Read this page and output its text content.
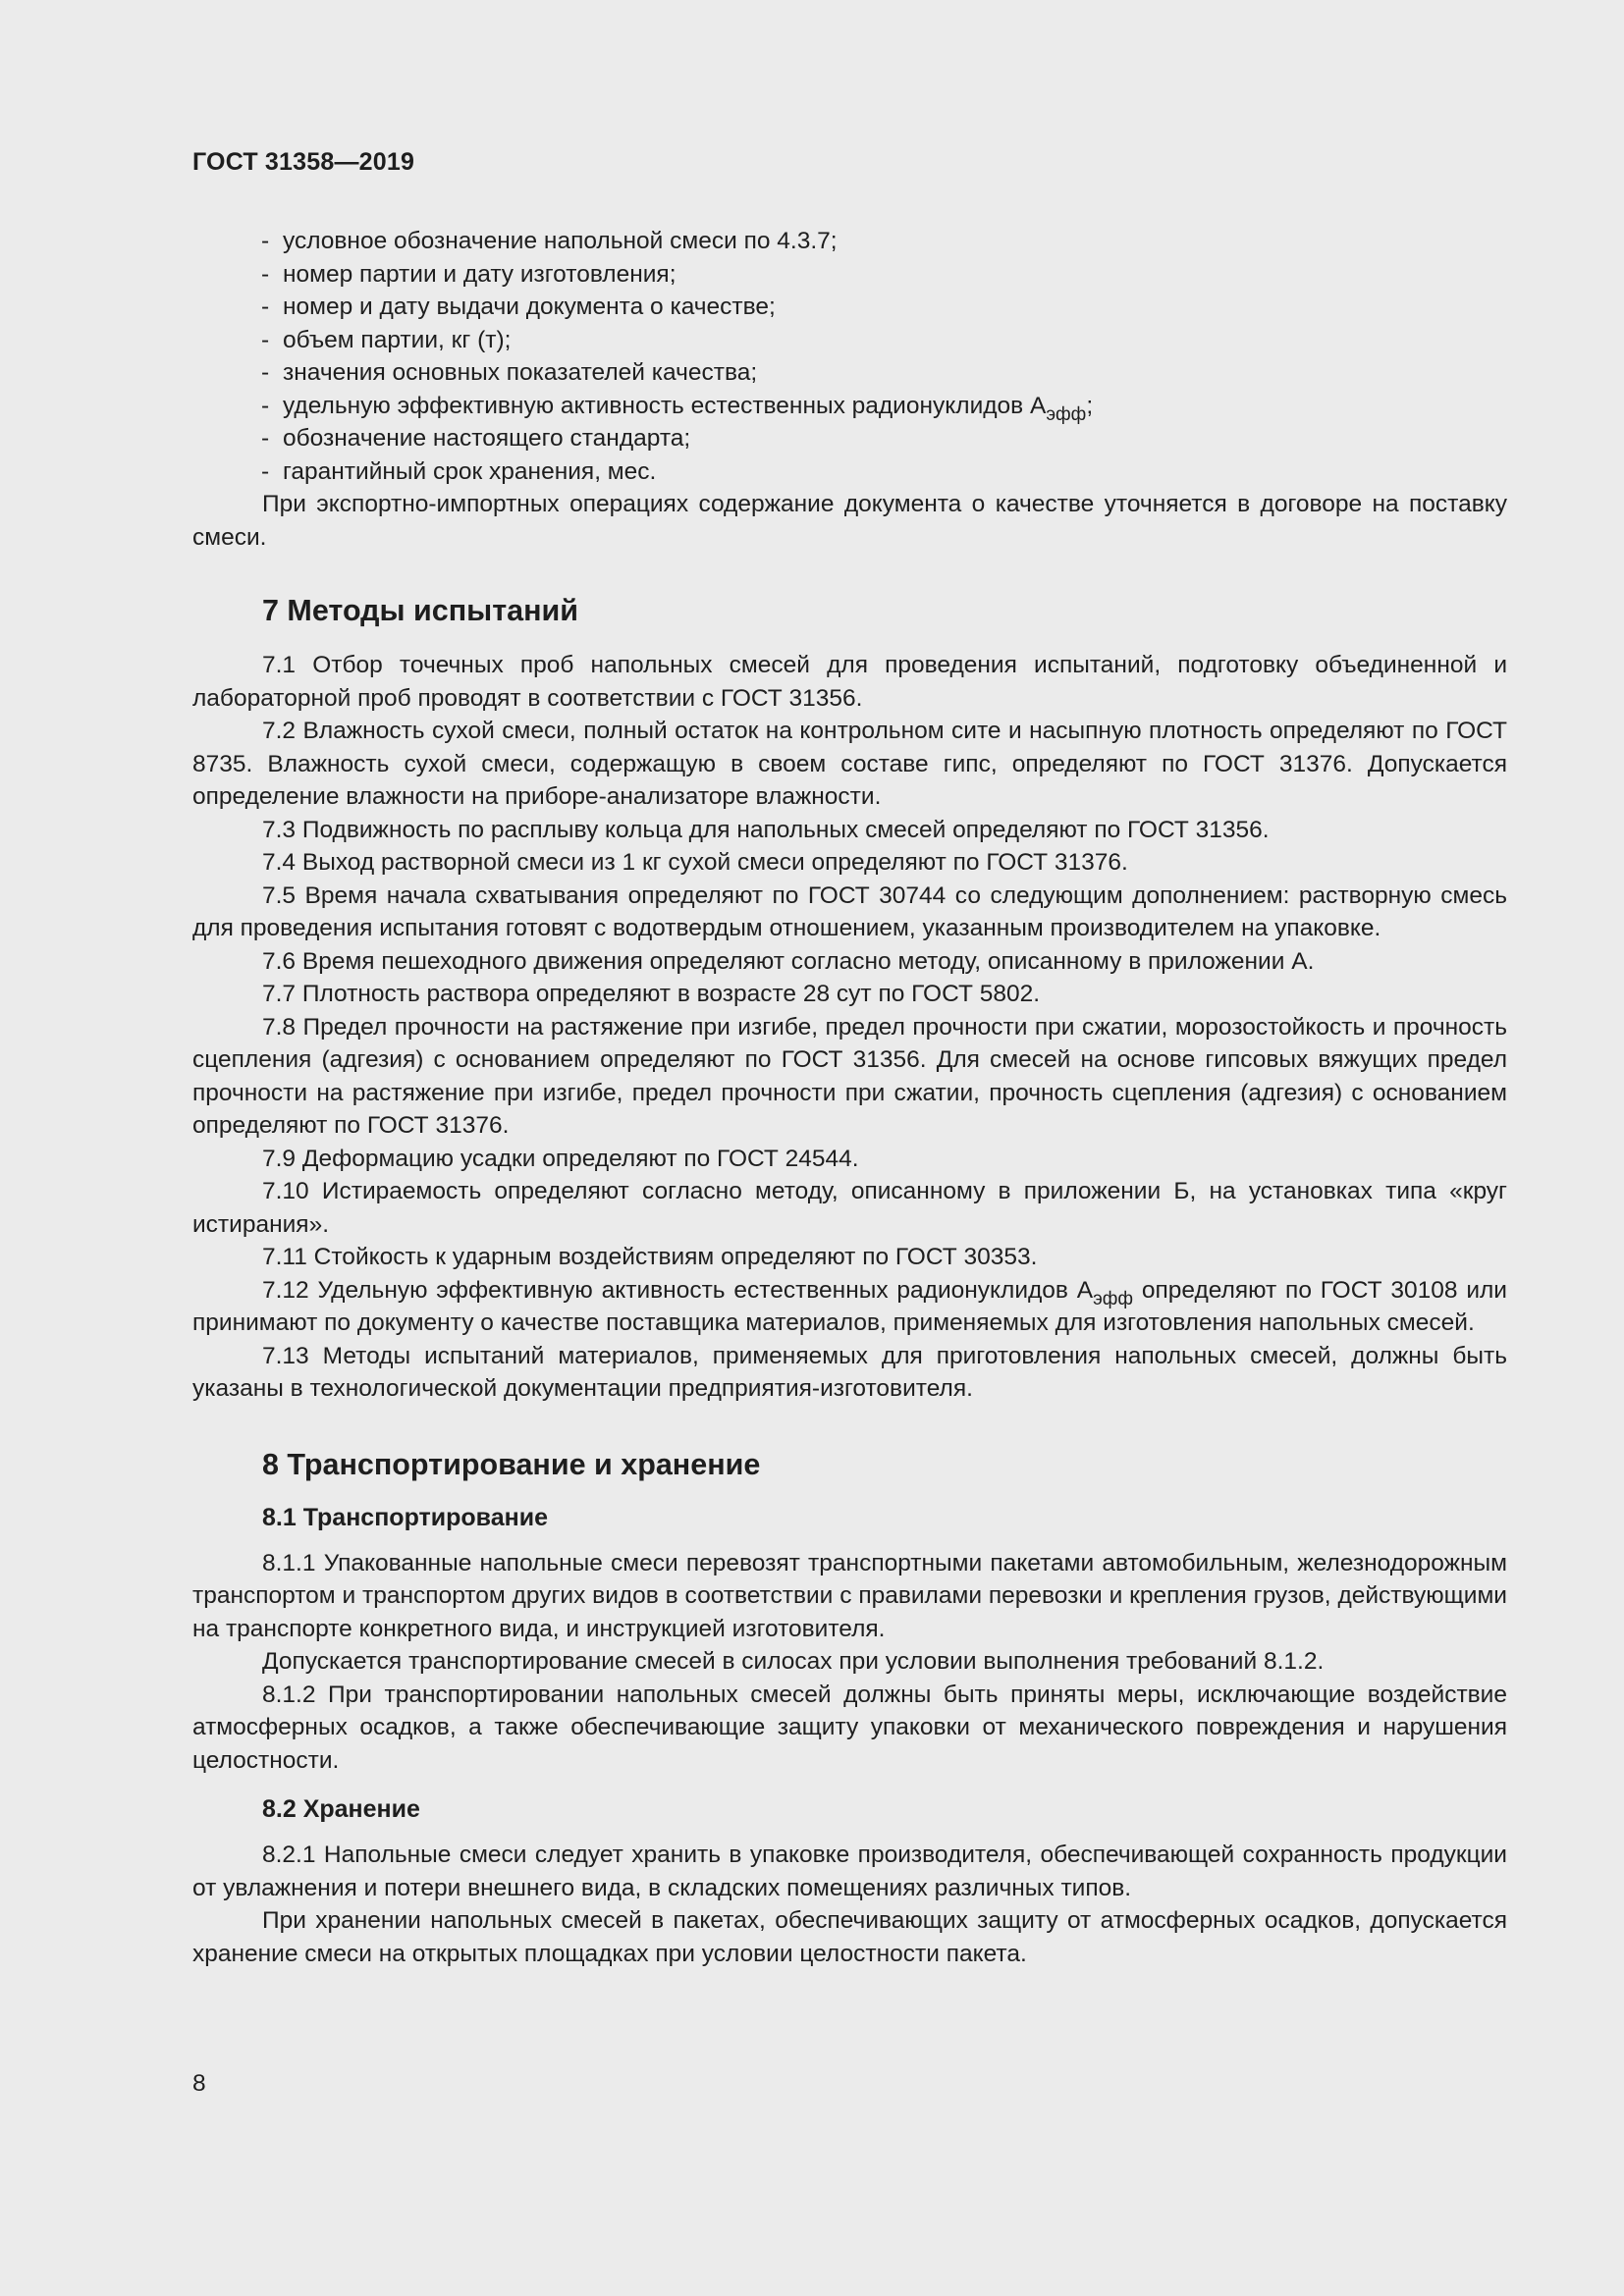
ГОСТ 31358—2019
- условное обозначение напольной смеси по 4.3.7;
- номер партии и дату изготовления;
- номер и дату выдачи документа о качестве;
- объем партии, кг (т);
- значения основных показателей качества;
- удельную эффективную активность естественных радионуклидов $А_{эфф}$;
- обозначение настоящего стандарта;
- гарантийный срок хранения, мес.
При экспортно-импортных операциях содержание документа о качестве уточняется в договоре на поставку смеси.
7 Методы испытаний
7.1 Отбор точечных проб напольных смесей для проведения испытаний, подготовку объединенной и лабораторной проб проводят в соответствии с ГОСТ 31356.
7.2 Влажность сухой смеси, полный остаток на контрольном сите и насыпную плотность определяют по ГОСТ 8735. Влажность сухой смеси, содержащую в своем составе гипс, определяют по ГОСТ 31376. Допускается определение влажности на приборе-анализаторе влажности.
7.3 Подвижность по расплыву кольца для напольных смесей определяют по ГОСТ 31356.
7.4 Выход растворной смеси из 1 кг сухой смеси определяют по ГОСТ 31376.
7.5 Время начала схватывания определяют по ГОСТ 30744 со следующим дополнением: растворную смесь для проведения испытания готовят с водотвердым отношением, указанным производителем на упаковке.
7.6 Время пешеходного движения определяют согласно методу, описанному в приложении А.
7.7 Плотность раствора определяют в возрасте 28 сут по ГОСТ 5802.
7.8 Предел прочности на растяжение при изгибе, предел прочности при сжатии, морозостойкость и прочность сцепления (адгезия) с основанием определяют по ГОСТ 31356. Для смесей на основе гипсовых вяжущих предел прочности на растяжение при изгибе, предел прочности при сжатии, прочность сцепления (адгезия) с основанием определяют по ГОСТ 31376.
7.9 Деформацию усадки определяют по ГОСТ 24544.
7.10 Истираемость определяют согласно методу, описанному в приложении Б, на установках типа «круг истирания».
7.11 Стойкость к ударным воздействиям определяют по ГОСТ 30353.
7.12 Удельную эффективную активность естественных радионуклидов $А_{эфф}$ определяют по ГОСТ 30108 или принимают по документу о качестве поставщика материалов, применяемых для изготовления напольных смесей.
7.13 Методы испытаний материалов, применяемых для приготовления напольных смесей, должны быть указаны в технологической документации предприятия-изготовителя.
8 Транспортирование и хранение
8.1 Транспортирование
8.1.1 Упакованные напольные смеси перевозят транспортными пакетами автомобильным, железнодорожным транспортом и транспортом других видов в соответствии с правилами перевозки и крепления грузов, действующими на транспорте конкретного вида, и инструкцией изготовителя.
Допускается транспортирование смесей в силосах при условии выполнения требований 8.1.2.
8.1.2 При транспортировании напольных смесей должны быть приняты меры, исключающие воздействие атмосферных осадков, а также обеспечивающие защиту упаковки от механического повреждения и нарушения целостности.
8.2 Хранение
8.2.1 Напольные смеси следует хранить в упаковке производителя, обеспечивающей сохранность продукции от увлажнения и потери внешнего вида, в складских помещениях различных типов.
При хранении напольных смесей в пакетах, обеспечивающих защиту от атмосферных осадков, допускается хранение смеси на открытых площадках при условии целостности пакета.
8
